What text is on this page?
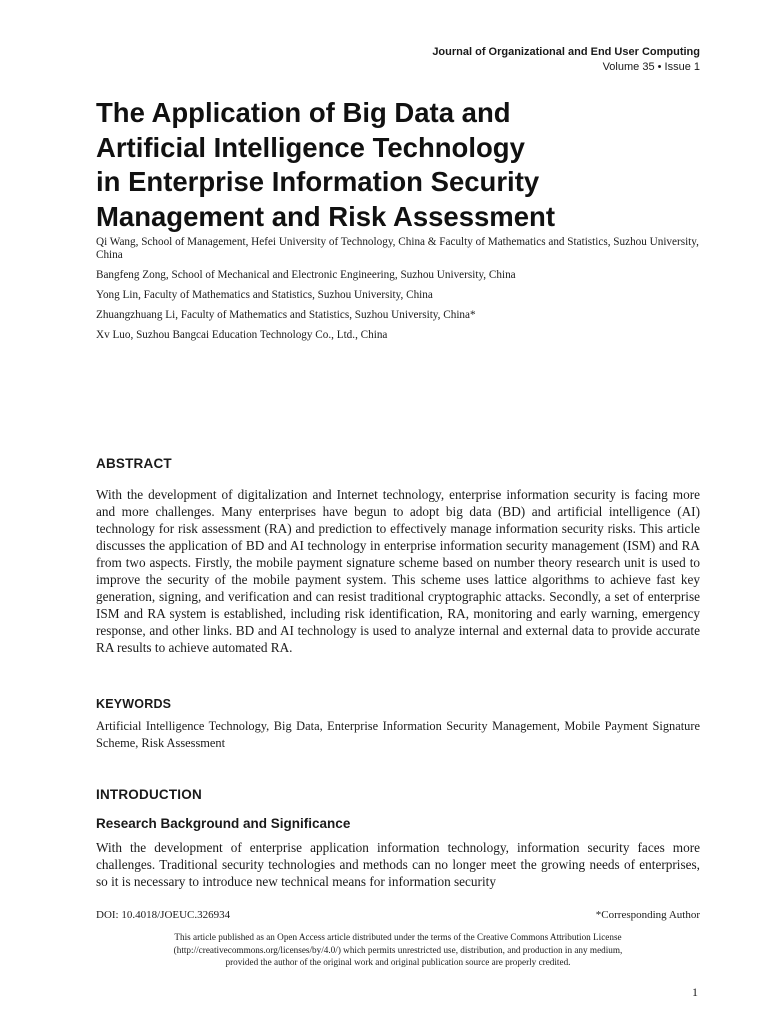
Journal of Organizational and End User Computing
Volume 35 • Issue 1
The Application of Big Data and
Artificial Intelligence Technology
in Enterprise Information Security
Management and Risk Assessment

Qi Wang, School of Management, Hefei University of Technology, China & Faculty of Mathematics and Statistics, Suzhou University, China

Bangfeng Zong, School of Mechanical and Electronic Engineering, Suzhou University, China

Yong Lin, Faculty of Mathematics and Statistics, Suzhou University, China

Zhuangzhuang Li, Faculty of Mathematics and Statistics, Suzhou University, China*

Xv Luo, Suzhou Bangcai Education Technology Co., Ltd., China

ABSTRACT

With the development of digitalization and Internet technology, enterprise information security is facing more and more challenges. Many enterprises have begun to adopt big data (BD) and artificial intelligence (AI) technology for risk assessment (RA) and prediction to effectively manage information security risks. This article discusses the application of BD and AI technology in enterprise information security management (ISM) and RA from two aspects. Firstly, the mobile payment signature scheme based on number theory research unit is used to improve the security of the mobile payment system. This scheme uses lattice algorithms to achieve fast key generation, signing, and verification and can resist traditional cryptographic attacks. Secondly, a set of enterprise ISM and RA system is established, including risk identification, RA, monitoring and early warning, emergency response, and other links. BD and AI technology is used to analyze internal and external data to provide accurate RA results to achieve automated RA.

KEYWORDS

Artificial Intelligence Technology, Big Data, Enterprise Information Security Management, Mobile Payment Signature Scheme, Risk Assessment

INTRODUCTION
Research Background and Significance

With the development of enterprise application information technology, information security faces more challenges. Traditional security technologies and methods can no longer meet the growing needs of enterprises, so it is necessary to introduce new technical means for information security

DOI: 10.4018/JOEUC.326934	*Corresponding Author
This article published as an Open Access article distributed under the terms of the Creative Commons Attribution License
(http://creativecommons.org/licenses/by/4.0/) which permits unrestricted use, distribution, and production in any medium,
provided the author of the original work and original publication source are properly credited.
1
